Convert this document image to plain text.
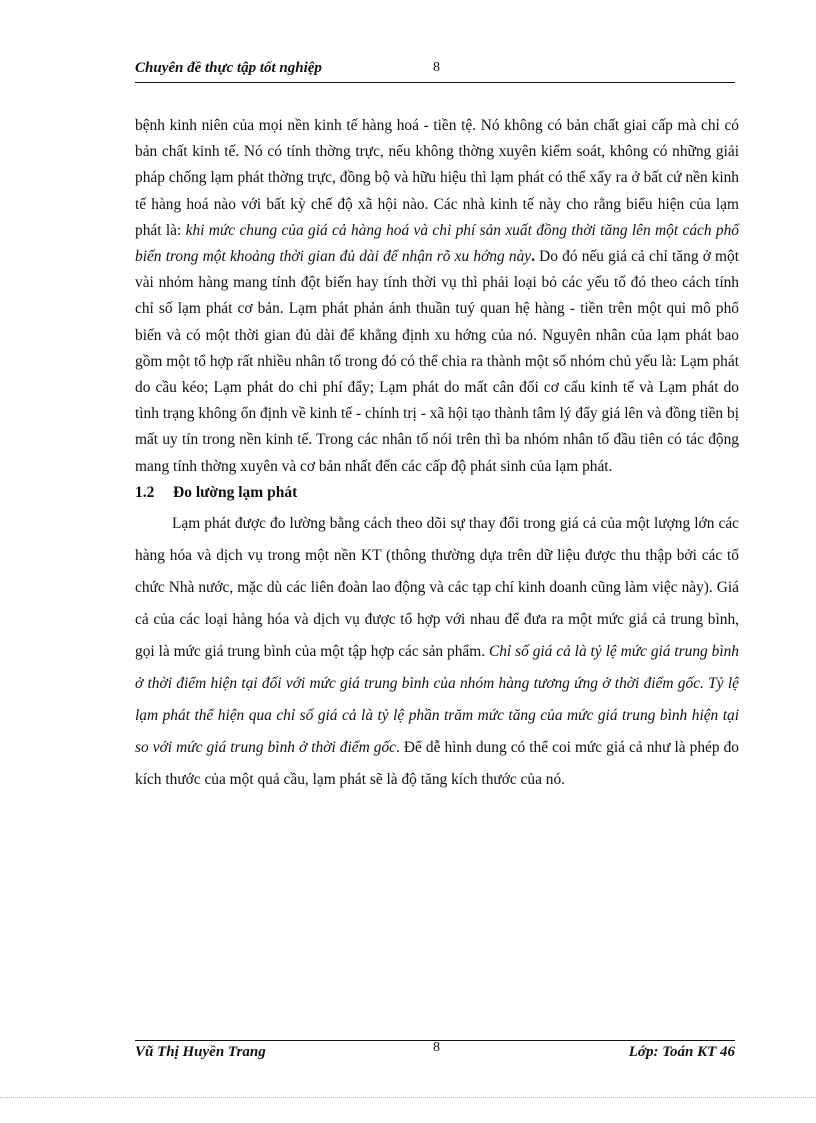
Chuyên đề thực tập tốt nghiệp	8

bệnh kinh niên của mọi nền kinh tế hàng hoá - tiền tệ. Nó không có bản chất giai cấp mà chỉ có bản chất kinh tế. Nó có tính thờng trực, nếu không thờng xuyên kiểm soát, không có những giải pháp chống lạm phát thờng trực, đồng bộ và hữu hiệu thì lạm phát có thể xẩy ra ở bất cứ nền kinh tế hàng hoá nào với bất kỳ chế độ xã hội nào. Các nhà kinh tế này cho rằng biểu hiện của lạm phát là: khi mức chung của giá cả hàng hoá và chi phí sản xuất đồng thời tăng lên một cách phổ biến trong một khoảng thời gian đủ dài để nhận rõ xu hớng này. Do đó nếu giá cả chỉ tăng ở một vài nhóm hàng mang tính đột biến hay tính thời vụ thì phải loại bỏ các yếu tố đó theo cách tính chỉ số lạm phát cơ bản. Lạm phát phản ánh thuần tuý quan hệ hàng - tiền trên một qui mô phổ biến và có một thời gian đủ dài để khẳng định xu hớng của nó. Nguyên nhân của lạm phát bao gồm một tổ hợp rất nhiều nhân tố trong đó có thể chia ra thành một số nhóm chủ yếu là: Lạm phát do cầu kéo; Lạm phát do chi phí đẩy; Lạm phát do mất cân đối cơ cấu kinh tế và Lạm phát do tình trạng không ổn định về kinh tế - chính trị - xã hội tạo thành tâm lý đẩy giá lên và đồng tiền bị mất uy tín trong nền kinh tế. Trong các nhân tố nói trên thì ba nhóm nhân tố đầu tiên có tác động mang tính thờng xuyên và cơ bản nhất đến các cấp độ phát sinh của lạm phát.

1.2 Đo lường lạm phát

Lạm phát được đo lường bằng cách theo dõi sự thay đổi trong giá cả của một lượng lớn các hàng hóa và dịch vụ trong một nền KT (thông thường dựa trên dữ liệu được thu thập bởi các tổ chức Nhà nước, mặc dù các liên đoàn lao động và các tạp chí kinh doanh cũng làm việc này). Giá cả của các loại hàng hóa và dịch vụ được tổ hợp với nhau để đưa ra một mức giá cả trung bình, gọi là mức giá trung bình của một tập hợp các sản phẩm. Chỉ số giá cả là tỷ lệ mức giá trung bình ở thời điểm hiện tại đối với mức giá trung bình của nhóm hàng tương ứng ở thời điểm gốc. Tỷ lệ lạm phát thể hiện qua chỉ số giá cả là tỷ lệ phần trăm mức tăng của mức giá trung bình hiện tại so với mức giá trung bình ở thời điểm gốc. Để dễ hình dung có thể coi mức giá cả như là phép đo kích thước của một quả cầu, lạm phát sẽ là độ tăng kích thước của nó.

Vũ Thị Huyền Trang	8	Lớp: Toán KT 46
